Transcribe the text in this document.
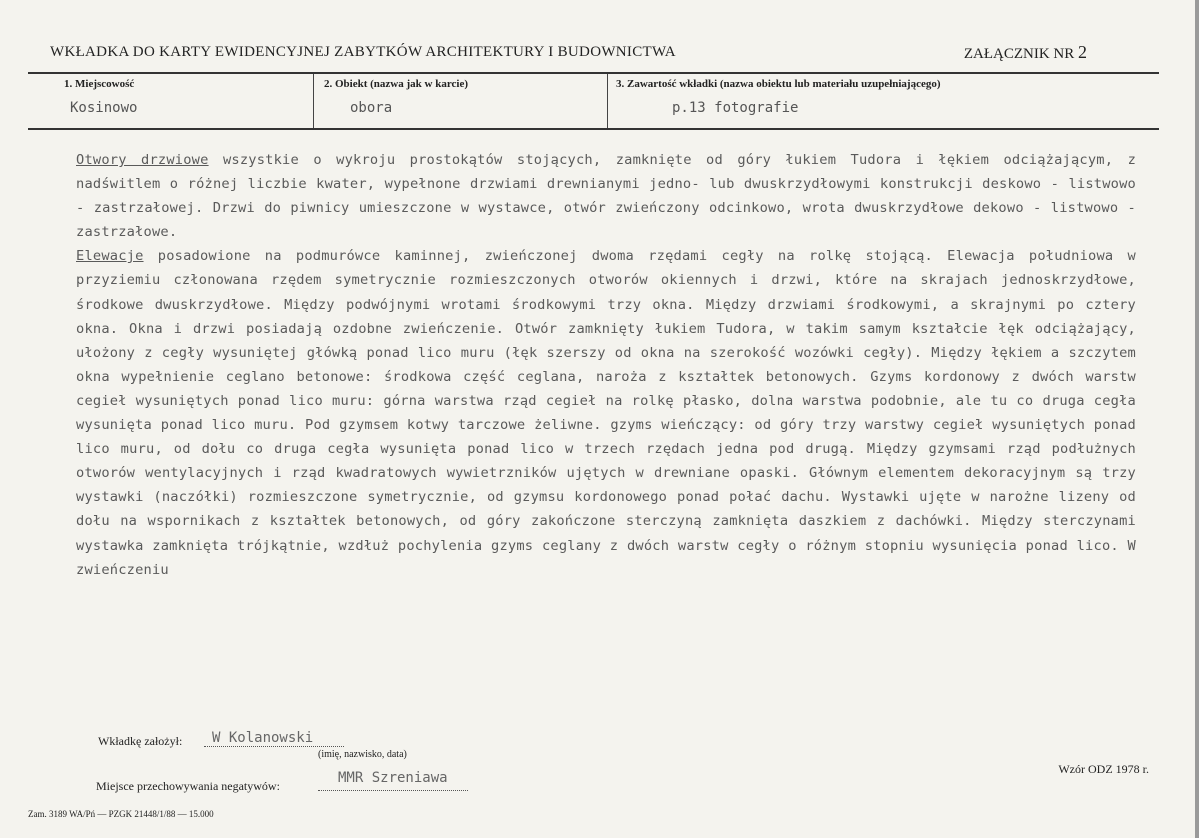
WKŁADKA DO KARTY EWIDENCYJNEJ ZABYTKÓW ARCHITEKTURY I BUDOWNICTWA	ZAŁĄCZNIK NR 2
1. Miejscowość
Kosinowo
2. Obiekt (nazwa jak w karcie)
obora
3. Zawartość wkładki (nazwa obiektu lub materiału uzupełniającego)
p.13 fotografie

Otwory drzwiowe wszystkie o wykroju prostokątów stojących, zamknięte od góry łukiem Tudora i łękiem odciążającym, z nadświtlem o różnej liczbie kwater, wypełnone drzwiami drewnianymi jedno- lub dwuskrzydłowymi konstrukcji deskowo - listwowo - zastrzałowej. Drzwi do piwnicy umieszczone w wystawce, otwór zwieńczony odcinkowo, wrota dwuskrzydłowe dekowo - listwowo - zastrzałowe.

Elewacje posadowione na podmurówce kaminnej, zwieńczonej dwoma rzędami cegły na rolkę stojącą. Elewacja południowa w przyziemiu członowana rzędem symetrycznie rozmieszczonych otworów okiennych i drzwi, które na skrajach jednoskrzydłowe, środkowe dwuskrzydłowe. Między podwójnymi wrotami środkowymi trzy okna. Między drzwiami środkowymi, a skrajnymi po cztery okna. Okna i drzwi posiadają ozdobne zwieńczenie. Otwór zamknięty łukiem Tudora, w takim samym kształcie łęk odciążający, ułożony z cegły wysuniętej główką ponad lico muru (łęk szerszy od okna na szerokość wozówki cegły). Między łękiem a szczytem okna wypełnienie ceglano betonowe: środkowa część ceglana, naroża z kształtek betonowych. Gzyms kordonowy z dwóch warstw cegieł wysuniętych ponad lico muru: górna warstwa rząd cegieł na rolkę płasko, dolna warstwa podobnie, ale tu co druga cegła wysunięta ponad lico muru. Pod gzymsem kotwy tarczowe żeliwne. gzyms wieńczący: od góry trzy warstwy cegieł wysuniętych ponad lico muru, od dołu co druga cegła wysunięta ponad lico w trzech rzędach jedna pod drugą. Między gzymsami rząd podłużnych otworów wentylacyjnych i rząd kwadratowych wywietrzników ujętych w drewniane opaski. Głównym elementem dekoracyjnym są trzy wystawki (naczółki) rozmieszczone symetrycznie, od gzymsu kordonowego ponad połać dachu. Wystawki ujęte w narożne lizeny od dołu na wspornikach z kształtek betonowych, od góry zakończone sterczyną zamknięta daszkiem z dachówki. Między sterczynami wystawka zamknięta trójkątnie, wzdłuż pochylenia gzyms ceglany z dwóch warstw cegły o różnym stopniu wysunięcia ponad lico. W zwieńczeniu

Wkładkę założył: W Kolanowski
(imię, nazwisko, data)
Miejsce przechowywania negatywów:	MMR Szreniawa
Wzór ODZ 1978 r.
Zam. 3189 WA/Pń — PZGK 21448/1/88 — 15.000
